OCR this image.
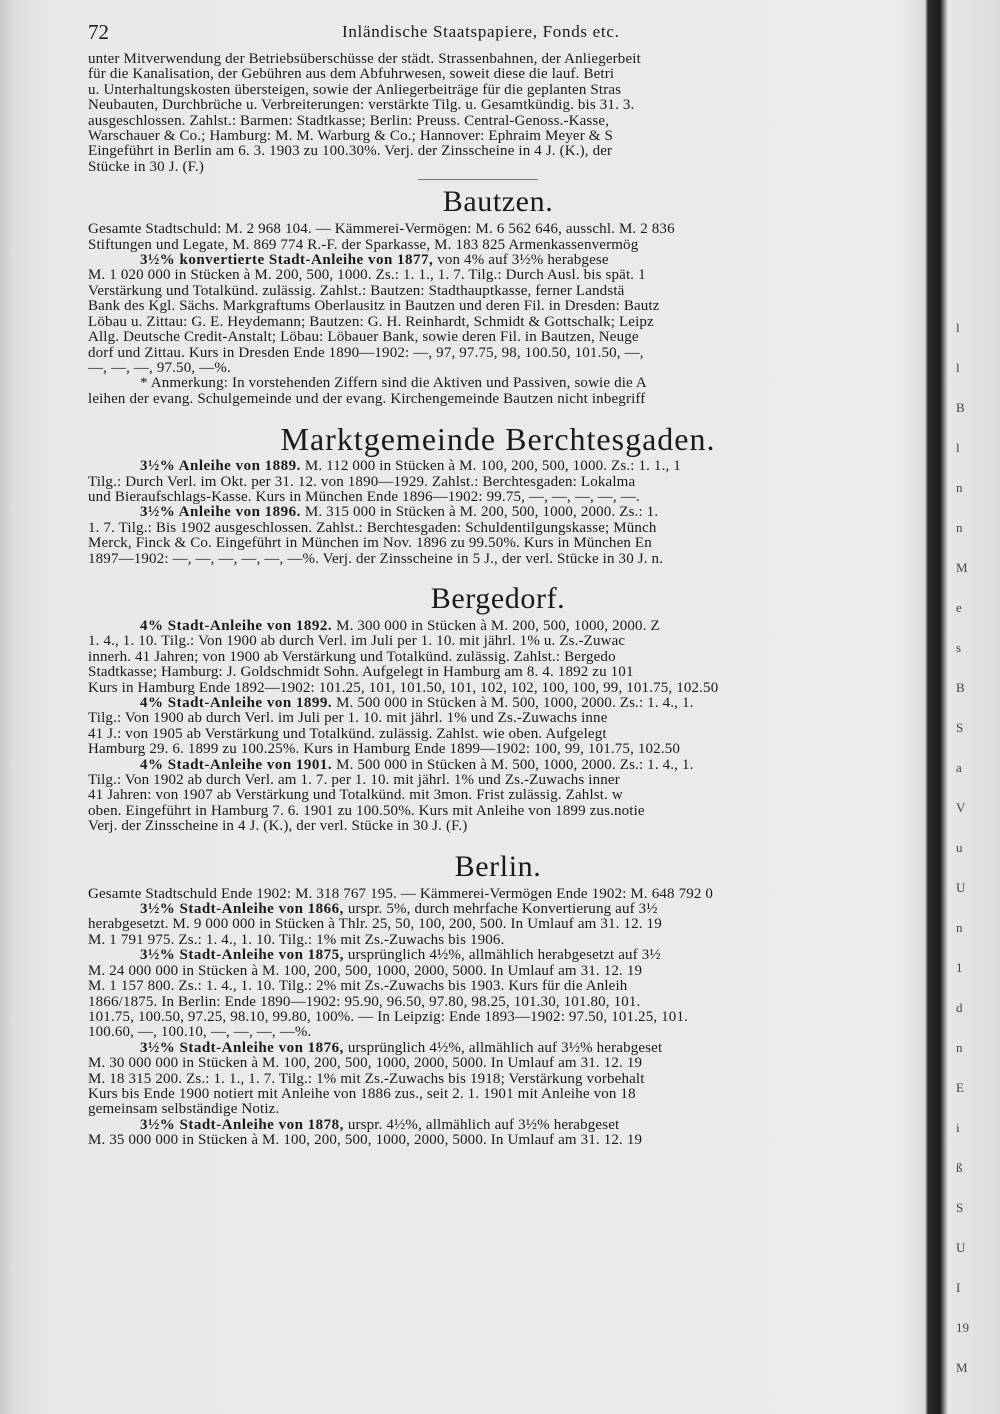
72	Inländische Staatspapiere, Fonds etc.
unter Mitverwendung der Betriebsüberschüsse der städt. Strassenbahnen, der Anliegerbeit
für die Kanalisation, der Gebühren aus dem Abfuhrwesen, soweit diese die lauf. Betri
u. Unterhaltungskosten übersteigen, sowie der Anliegerbeiträge für die geplanten Stras
Neubauten, Durchbrüche u. Verbreiterungen: verstärkte Tilg. u. Gesamtkündig. bis 31. 3.
ausgeschlossen. Zahlst.: Barmen: Stadtkasse; Berlin: Preuss. Central-Genoss.-Kasse,
Warschauer & Co.; Hamburg: M. M. Warburg & Co.; Hannover: Ephraim Meyer & S
Eingeführt in Berlin am 6. 3. 1903 zu 100.30%. Verj. der Zinsscheine in 4 J. (K.), der
Stücke in 30 J. (F.)
Bautzen.
Gesamte Stadtschuld: M. 2 968 104. — Kämmerei-Vermögen: M. 6 562 646, ausschl. M. 2 836
Stiftungen und Legate, M. 869 774 R.-F. der Sparkasse, M. 183 825 Armenkassenvermög
3½% konvertierte Stadt-Anleihe von 1877, von 4% auf 3½% herabgese
M. 1 020 000 in Stücken à M. 200, 500, 1000. Zs.: 1. 1., 1. 7. Tilg.: Durch Ausl. bis spät. 1
Verstärkung und Totalkünd. zulässig. Zahlst.: Bautzen: Stadthauptkasse, ferner Landstä
Bank des Kgl. Sächs. Markgraftums Oberlausitz in Bautzen und deren Fil. in Dresden: Bautz
Löbau u. Zittau: G. E. Heydemann; Bautzen: G. H. Reinhardt, Schmidt & Gottschalk; Leipz
Allg. Deutsche Credit-Anstalt; Löbau: Löbauer Bank, sowie deren Fil. in Bautzen, Neuge
dorf und Zittau. Kurs in Dresden Ende 1890—1902: —, 97, 97.75, 98, 100.50, 101.50, —,
—, —, —, 97.50, —%.
* Anmerkung: In vorstehenden Ziffern sind die Aktiven und Passiven, sowie die A
leihen der evang. Schulgemeinde und der evang. Kirchengemeinde Bautzen nicht inbegriff
Marktgemeinde Berchtesgaden.
3½% Anleihe von 1889. M. 112 000 in Stücken à M. 100, 200, 500, 1000. Zs.: 1. 1., 1
Tilg.: Durch Verl. im Okt. per 31. 12. von 1890—1929. Zahlst.: Berchtesgaden: Lokalma
und Bieraufschlags-Kasse. Kurs in München Ende 1896—1902: 99.75, —, —, —, —, —.
3½% Anleihe von 1896. M. 315 000 in Stücken à M. 200, 500, 1000, 2000. Zs.: 1.
1. 7. Tilg.: Bis 1902 ausgeschlossen. Zahlst.: Berchtesgaden: Schuldentilgungskasse; Münch
Merck, Finck & Co. Eingeführt in München im Nov. 1896 zu 99.50%. Kurs in München En
1897—1902: —, —, —, —, —, —%. Verj. der Zinsscheine in 5 J., der verl. Stücke in 30 J. n.
Bergedorf.
4% Stadt-Anleihe von 1892. M. 300 000 in Stücken à M. 200, 500, 1000, 2000. Z
1. 4., 1. 10. Tilg.: Von 1900 ab durch Verl. im Juli per 1. 10. mit jährl. 1% u. Zs.-Zuwac
innerh. 41 Jahren; von 1900 ab Verstärkung und Totalkünd. zulässig. Zahlst.: Bergedo
Stadtkasse; Hamburg: J. Goldschmidt Sohn. Aufgelegt in Hamburg am 8. 4. 1892 zu 101
Kurs in Hamburg Ende 1892—1902: 101.25, 101, 101.50, 101, 102, 102, 100, 100, 99, 101.75, 102.50
4% Stadt-Anleihe von 1899. M. 500 000 in Stücken à M. 500, 1000, 2000. Zs.: 1. 4., 1.
Tilg.: Von 1900 ab durch Verl. im Juli per 1. 10. mit jährl. 1% und Zs.-Zuwachs inne
41 J.: von 1905 ab Verstärkung und Totalkünd. zulässig. Zahlst. wie oben. Aufgelegt
Hamburg 29. 6. 1899 zu 100.25%. Kurs in Hamburg Ende 1899—1902: 100, 99, 101.75, 102.50
4% Stadt-Anleihe von 1901. M. 500 000 in Stücken à M. 500, 1000, 2000. Zs.: 1. 4., 1.
Tilg.: Von 1902 ab durch Verl. am 1. 7. per 1. 10. mit jährl. 1% und Zs.-Zuwachs inner
41 Jahren: von 1907 ab Verstärkung und Totalkünd. mit 3mon. Frist zulässig. Zahlst. w
oben. Eingeführt in Hamburg 7. 6. 1901 zu 100.50%. Kurs mit Anleihe von 1899 zus.notie
Verj. der Zinsscheine in 4 J. (K.), der verl. Stücke in 30 J. (F.)
Berlin.
Gesamte Stadtschuld Ende 1902: M. 318 767 195. — Kämmerei-Vermögen Ende 1902: M. 648 792 0
3½% Stadt-Anleihe von 1866, urspr. 5%, durch mehrfache Konvertierung auf 3½
herabgesetzt. M. 9 000 000 in Stücken à Thlr. 25, 50, 100, 200, 500. In Umlauf am 31. 12. 19
M. 1 791 975. Zs.: 1. 4., 1. 10. Tilg.: 1% mit Zs.-Zuwachs bis 1906.
3½% Stadt-Anleihe von 1875, ursprünglich 4½%, allmählich herabgesetzt auf 3½
M. 24 000 000 in Stücken à M. 100, 200, 500, 1000, 2000, 5000. In Umlauf am 31. 12. 19
M. 1 157 800. Zs.: 1. 4., 1. 10. Tilg.: 2% mit Zs.-Zuwachs bis 1903. Kurs für die Anleih
1866/1875. In Berlin: Ende 1890—1902: 95.90, 96.50, 97.80, 98.25, 101.30, 101.80, 101.
101.75, 100.50, 97.25, 98.10, 99.80, 100%. — In Leipzig: Ende 1893—1902: 97.50, 101.25, 101.
100.60, —, 100.10, —, —, —, —%.
3½% Stadt-Anleihe von 1876, ursprünglich 4½%, allmählich auf 3½% herabgeset
M. 30 000 000 in Stücken à M. 100, 200, 500, 1000, 2000, 5000. In Umlauf am 31. 12. 19
M. 18 315 200. Zs.: 1. 1., 1. 7. Tilg.: 1% mit Zs.-Zuwachs bis 1918; Verstärkung vorbehalt
Kurs bis Ende 1900 notiert mit Anleihe von 1886 zus., seit 2. 1. 1901 mit Anleihe von 18
gemeinsam selbständige Notiz.
3½% Stadt-Anleihe von 1878, urspr. 4½%, allmählich auf 3½% herabgeset
M. 35 000 000 in Stücken à M. 100, 200, 500, 1000, 2000, 5000. In Umlauf am 31. 12. 19
l
l
B
l
n
n
M
e
s
B
S
a
V
u
U
n
1
d
n
E
i
ß
S
U
I
19
M
